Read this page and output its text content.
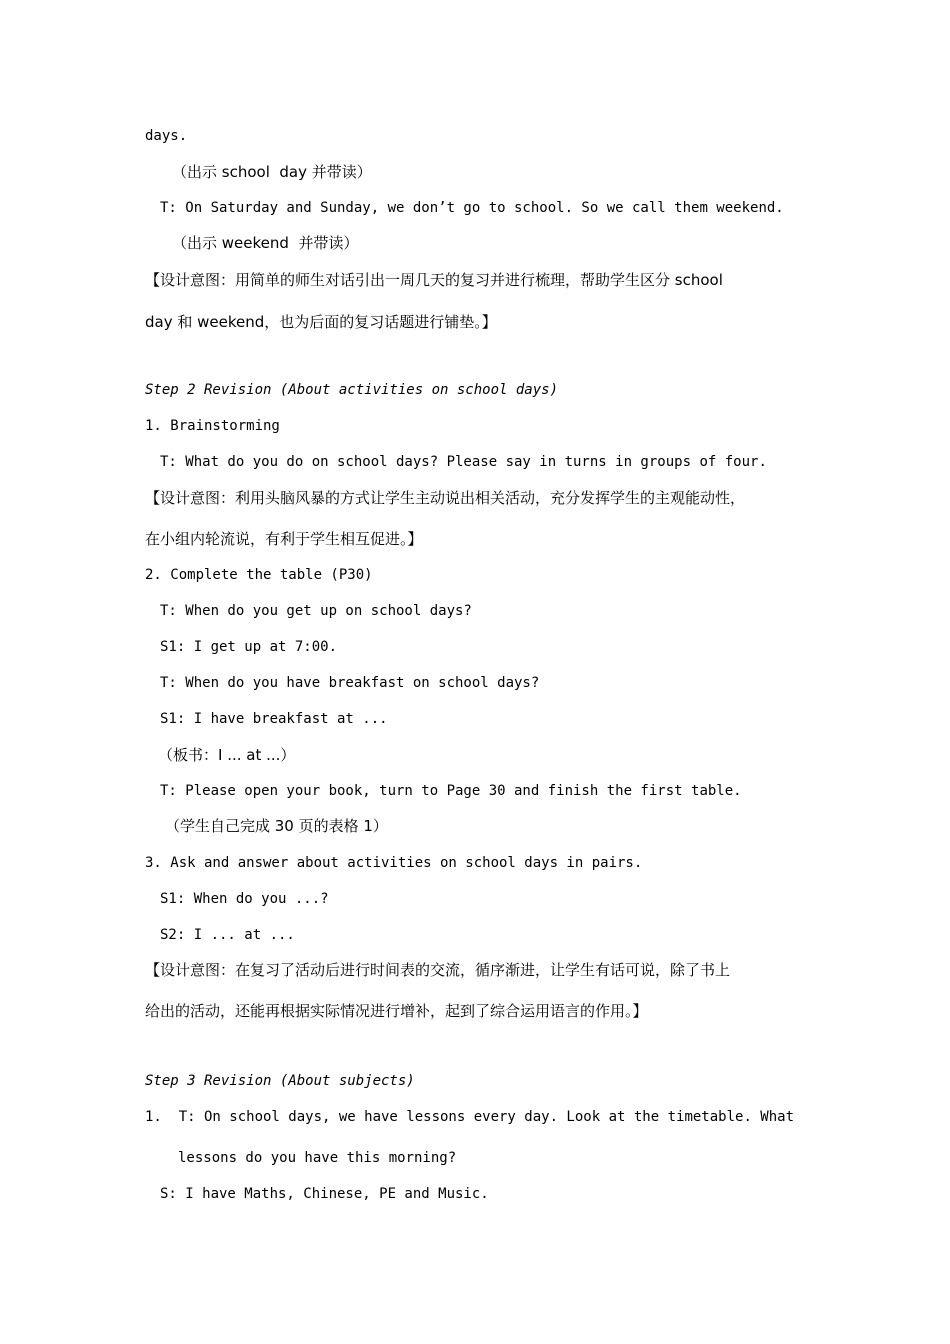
days.
（出示 school  day 并带读）
T: On Saturday and Sunday, we don’t go to school. So we call them weekend.
（出示 weekend  并带读）
【设计意图：用简单的师生对话引出一周几天的复习并进行梳理，帮助学生区分 school
day 和 weekend，也为后面的复习话题进行铺垫。】
Step 2 Revision (About activities on school days)
1. Brainstorming
T: What do you do on school days? Please say in turns in groups of four.
【设计意图：利用头脑风暴的方式让学生主动说出相关活动，充分发挥学生的主观能动性，
在小组内轮流说，有利于学生相互促进。】
2. Complete the table (P30)
T: When do you get up on school days?
S1: I get up at 7:00.
T: When do you have breakfast on school days?
S1: I have breakfast at ...
（板书：I ... at ...）
T: Please open your book, turn to Page 30 and finish the first table.
（学生自己完成 30 页的表格 1）
3. Ask and answer about activities on school days in pairs.
S1: When do you ...?
S2: I ... at ...
【设计意图：在复习了活动后进行时间表的交流，循序渐进，让学生有话可说，除了书上
给出的活动，还能再根据实际情况进行增补，起到了综合运用语言的作用。】
Step 3 Revision (About subjects)
1.  T: On school days, we have lessons every day. Look at the timetable. What
lessons do you have this morning?
S: I have Maths, Chinese, PE and Music.
